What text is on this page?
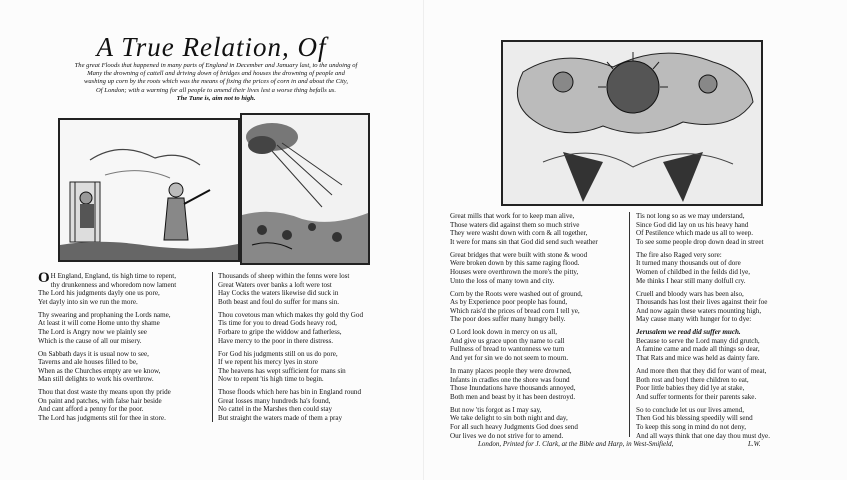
A True Relation, Of
The great Floods that happened in many parts of England in December and January last, to the undoing of
Many the drowning of cattell and driving down of bridges and houses the drowning of people and
washing up corn by the roots which was the means of fixing the prices of corn in and about the City,
Of London; with a warning for all people to amend their lives lest a worse thing befalls us.
The Tune is, aim not to high.
O H England, England, tis high time to repent,
thy drunkenness and whoredom now lament
The Lord his judgments dayly one us pore,
Yet dayly into sin we run the more.
Thy swearing and prophaning the Lords name,
At least it will come Home unto thy shame
The Lord is Angry now we plainly see
Which is the cause of all our misery.
On Sabbath days it is usual now to see,
Taverns and ale houses filled to be,
When as the Churches empty are we know,
Man still delights to work his overthrow.
Thou that dost waste thy means upon thy pride
On paint and patches, with false hair beside
And cant afford a penny for the poor.
The Lord has judgments stil for thee in store.
Thousands of sheep within the fenns were lost
Great Waters over banks a loft were tost
Hay Cocks the waters likewise did suck in
Both beast and foul do suffer for mans sin.
Thou covetous man which makes thy gold thy God
Tis time for you to dread Gods heavy rod,
Forbare to gripe the widdow and fatherless,
Have mercy to the poor in there distress.
For God his judgments still on us do pore,
If we repent his mercy lyes in store
The heavens has wept sufficient for mans sin
Now to repent 'tis high time to begin.
Those floods which here has bin in England round
Great losses many hundreds ha's found,
No cattel in the Marshes then could stay
But straight the waters made of them a pray
Great mills that work for to keep man alive,
Those waters did against them so much strive
They were washt down with corn & all together,
It were for mans sin that God did send such weather
Great bridges that were built with stone & wood
Were broken down by this same raging flood.
Houses were overthrown the more's the pitty,
Unto the loss of many town and city.
Corn by the Roots were washed out of ground,
As by Experience poor people has found,
Which rais'd the prices of bread corn I tell ye,
The poor does suffer many hungry belly.
O Lord look down in mercy on us all,
And give us grace upon thy name to call
Fullness of bread to wantonness we turn
And yet for sin we do not seem to mourn.
In many places people they were drowned,
Infants in cradles one the shore was found
Those Inundations have thousands annoyed,
Both men and beast by it has been destroyd.
But now 'tis forgot as I may say,
We take delight to sin both night and day,
For all such heavy Judgments God does send
Our lives we do not strive for to amend.
Tis not long so as we may understand,
Since God did lay on us his heavy hand
Of Pestilence which made us all to weep.
To see some people drop down dead in street
The fire also Raged very sore:
It turned many thousands out of dore
Women of childbed in the feilds did lye,
Me thinks I hear still many dolfull cry.
Cruell and bloody wars has been also,
Thousands has lost their lives against their foe
And now again these waters mounting high,
May cause many with hunger for to dye:
Jerusalem we read did suffer much.
Because to serve the Lord many did grutch,
A famine came and made all things so dear,
That Rats and mice was held as dainty fare.
And more then that they did for want of meat,
Both rost and boyl there children to eat,
Poor little babies they did lye at stake,
And suffer torments for their parents sake.
So to conclude let us our lives amend,
Then God his blessing speedily will send
To keep this song in mind do not deny,
And all ways think that one day thou must dye.
London, Printed for J. Clark, at the Bible and Harp, in West-Smifield,	L.W.
